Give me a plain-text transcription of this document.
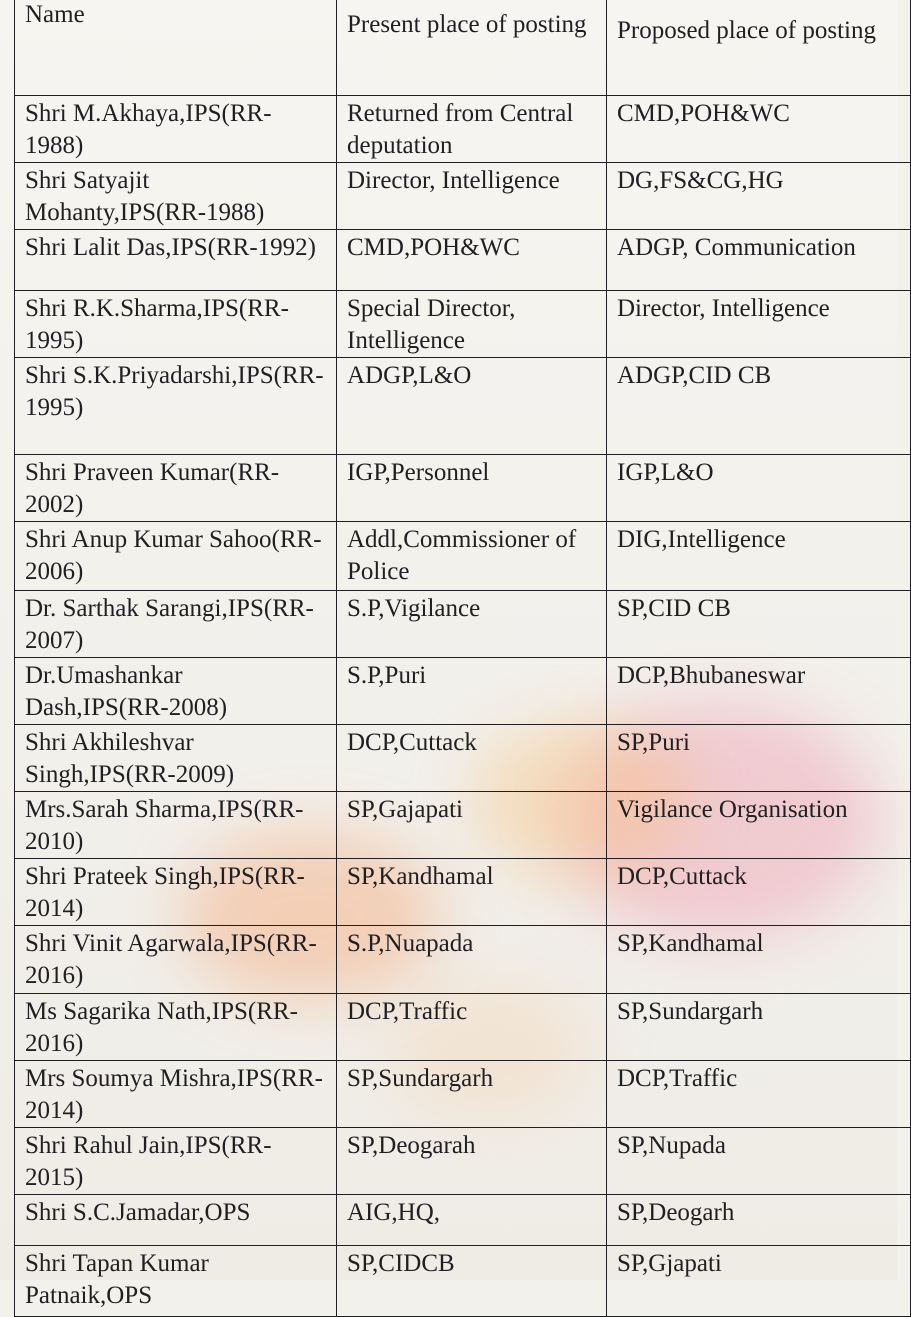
Name	Present place of posting	Proposed place of posting
Shri M.Akhaya,IPS(RR-1988)	Returned from Central deputation	CMD,POH&WC
Shri Satyajit Mohanty,IPS(RR-1988)	Director, Intelligence	DG,FS&CG,HG
Shri Lalit Das,IPS(RR-1992)	CMD,POH&WC	ADGP, Communication
Shri R.K.Sharma,IPS(RR-1995)	Special Director, Intelligence	Director, Intelligence
Shri S.K.Priyadarshi,IPS(RR-1995)	ADGP,L&O	ADGP,CID CB
Shri Praveen Kumar(RR-2002)	IGP,Personnel	IGP,L&O
Shri Anup Kumar Sahoo(RR-2006)	Addl,Commissioner of Police	DIG,Intelligence
Dr. Sarthak Sarangi,IPS(RR-2007)	S.P,Vigilance	SP,CID CB
Dr.Umashankar Dash,IPS(RR-2008)	S.P,Puri	DCP,Bhubaneswar
Shri Akhileshvar Singh,IPS(RR-2009)	DCP,Cuttack	SP,Puri
Mrs.Sarah Sharma,IPS(RR-2010)	SP,Gajapati	Vigilance Organisation
Shri Prateek Singh,IPS(RR-2014)	SP,Kandhamal	DCP,Cuttack
Shri Vinit Agarwala,IPS(RR-2016)	S.P,Nuapada	SP,Kandhamal
Ms Sagarika Nath,IPS(RR-2016)	DCP,Traffic	SP,Sundargarh
Mrs Soumya Mishra,IPS(RR-2014)	SP,Sundargarh	DCP,Traffic
Shri Rahul Jain,IPS(RR-2015)	SP,Deogarah	SP,Nupada
Shri S.C.Jamadar,OPS	AIG,HQ,	SP,Deogarh
Shri Tapan Kumar Patnaik,OPS	SP,CIDCB	SP,Gjapati
